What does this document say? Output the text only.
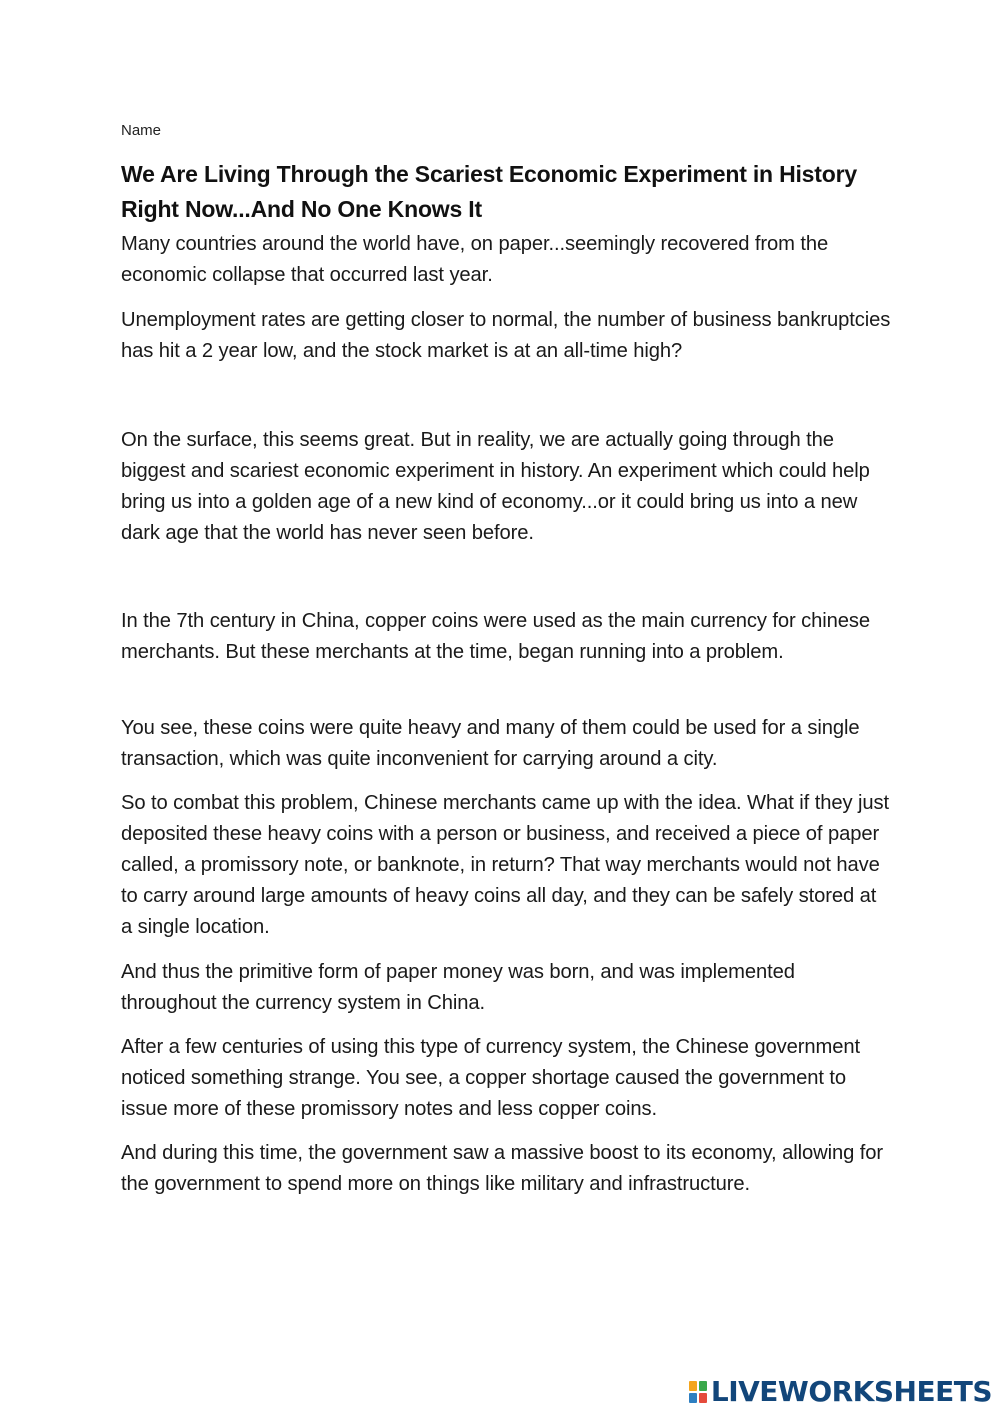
Name
We Are Living Through the Scariest Economic Experiment in History Right Now...And No One Knows It

Many countries around the world have, on paper...seemingly recovered from the economic collapse that occurred last year.

Unemployment rates are getting closer to normal, the number of business bankruptcies has hit a 2 year low, and the stock market is at an all-time high?

On the surface, this seems great. But in reality, we are actually going through the biggest and scariest economic experiment in history. An experiment which could help bring us into a golden age of a new kind of economy...or it could bring us into a new dark age that the world has never seen before.

In the 7th century in China, copper coins were used as the main currency for chinese merchants. But these merchants at the time, began running into a problem.

You see, these coins were quite heavy and many of them could be used for a single transaction, which was quite inconvenient for carrying around a city.

So to combat this problem, Chinese merchants came up with the idea. What if they just deposited these heavy coins with a person or business, and received a piece of paper called, a promissory note, or banknote, in return? That way merchants would not have to carry around large amounts of heavy coins all day, and they can be safely stored at a single location.

And thus the primitive form of paper money was born, and was implemented throughout the currency system in China.

After a few centuries of using this type of currency system, the Chinese government noticed something strange. You see, a copper shortage caused the government to issue more of these promissory notes and less copper coins.

And during this time, the government saw a massive boost to its economy, allowing for the government to spend more on things like military and infrastructure.

LIVEWORKSHEETS
